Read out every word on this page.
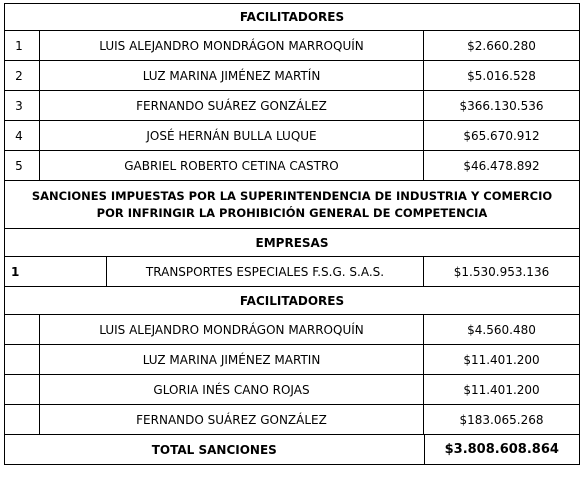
FACILITADORES
1	LUIS ALEJANDRO MONDRÁGON MARROQUÍN	$2.660.280
2	LUZ MARINA JIMÉNEZ MARTÍN	$5.016.528
3	FERNANDO SUÁREZ GONZÁLEZ	$366.130.536
4	JOSÉ HERNÁN BULLA LUQUE	$65.670.912
5	GABRIEL ROBERTO CETINA CASTRO	$46.478.892
SANCIONES IMPUESTAS POR LA SUPERINTENDENCIA DE INDUSTRIA Y COMERCIO
POR INFRINGIR LA PROHIBICIÓN GENERAL DE COMPETENCIA
EMPRESAS
1	TRANSPORTES ESPECIALES F.S.G. S.A.S.	$1.530.953.136
FACILITADORES
LUIS ALEJANDRO MONDRÁGON MARROQUÍN	$4.560.480
LUZ MARINA JIMÉNEZ MARTIN	$11.401.200
GLORIA INÉS CANO ROJAS	$11.401.200
FERNANDO SUÁREZ GONZÁLEZ	$183.065.268
TOTAL SANCIONES	$3.808.608.864
